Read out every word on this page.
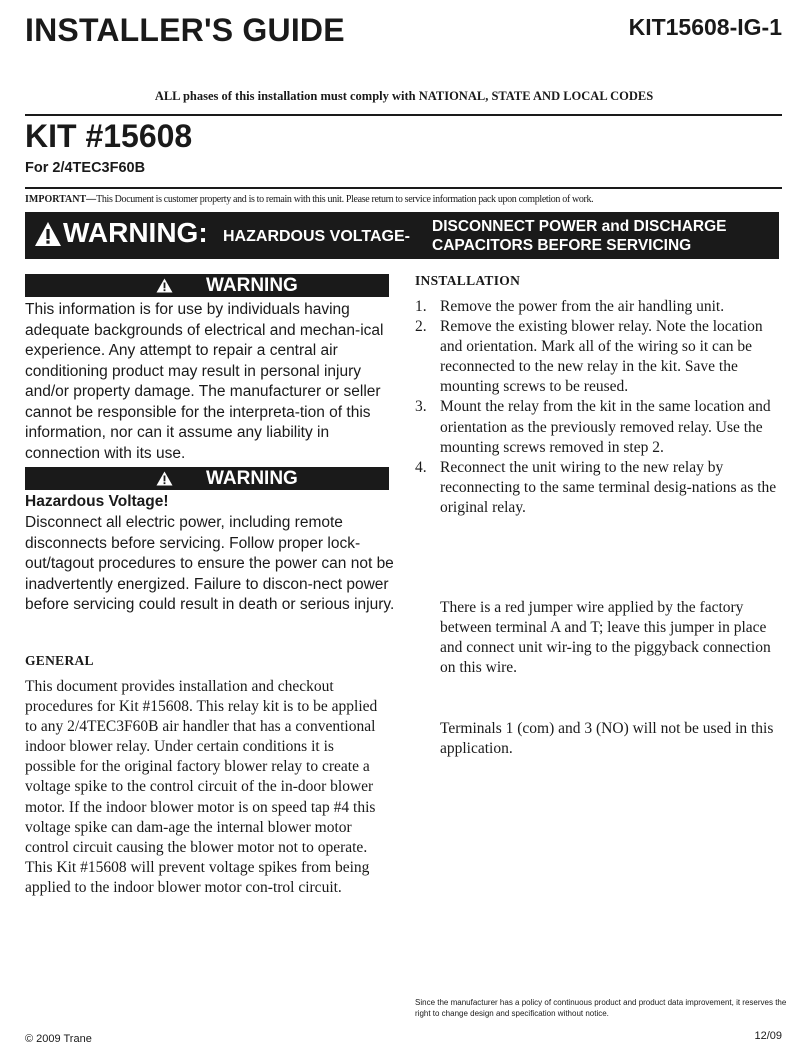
INSTALLER'S GUIDE	KIT15608-IG-1
ALL phases of this installation must comply with NATIONAL, STATE AND LOCAL CODES
KIT #15608
For 2/4TEC3F60B
IMPORTANT—This Document is customer property and is to remain with this unit. Please return to service information pack upon completion of work.
WARNING: HAZARDOUS VOLTAGE-
DISCONNECT POWER and DISCHARGE
CAPACITORS BEFORE SERVICING
WARNING
This information is for use by individuals having adequate backgrounds of electrical and mechan-ical experience. Any attempt to repair a central air conditioning product may result in personal injury and/or property damage. The manufacturer or seller cannot be responsible for the interpreta-tion of this information, nor can it assume any liability in connection with its use.
WARNING
Hazardous Voltage!
Disconnect all electric power, including remote disconnects before servicing. Follow proper lock-out/tagout procedures to ensure the power can not be inadvertently energized. Failure to discon-nect power before servicing could result in death or serious injury.
GENERAL
This document provides installation and checkout procedures for Kit #15608. This relay kit is to be applied to any 2/4TEC3F60B air handler that has a conventional indoor blower relay. Under certain conditions it is possible for the original factory blower relay to create a voltage spike to the control circuit of the in-door blower motor. If the indoor blower motor is on speed tap #4 this voltage spike can dam-age the internal blower motor control circuit causing the blower motor not to operate. This Kit #15608 will prevent voltage spikes from being applied to the indoor blower motor con-trol circuit.
INSTALLATION
1. Remove the power from the air handling unit.
2. Remove the existing blower relay. Note the location and orientation. Mark all of the wiring so it can be reconnected to the new relay in the kit. Save the mounting screws to be reused.
3. Mount the relay from the kit in the same location and orientation as the previously removed relay. Use the mounting screws removed in step 2.
4. Reconnect the unit wiring to the new relay by reconnecting to the same terminal desig-nations as the original relay.
There is a red jumper wire applied by the factory between terminal A and T; leave this jumper in place and connect unit wir-ing to the piggyback connection on this wire.
Terminals 1 (com) and 3 (NO) will not be used in this application.
Since the manufacturer has a policy of continuous product and product data improvement, it reserves the right to change design and specification without notice.
© 2009 Trane	12/09
